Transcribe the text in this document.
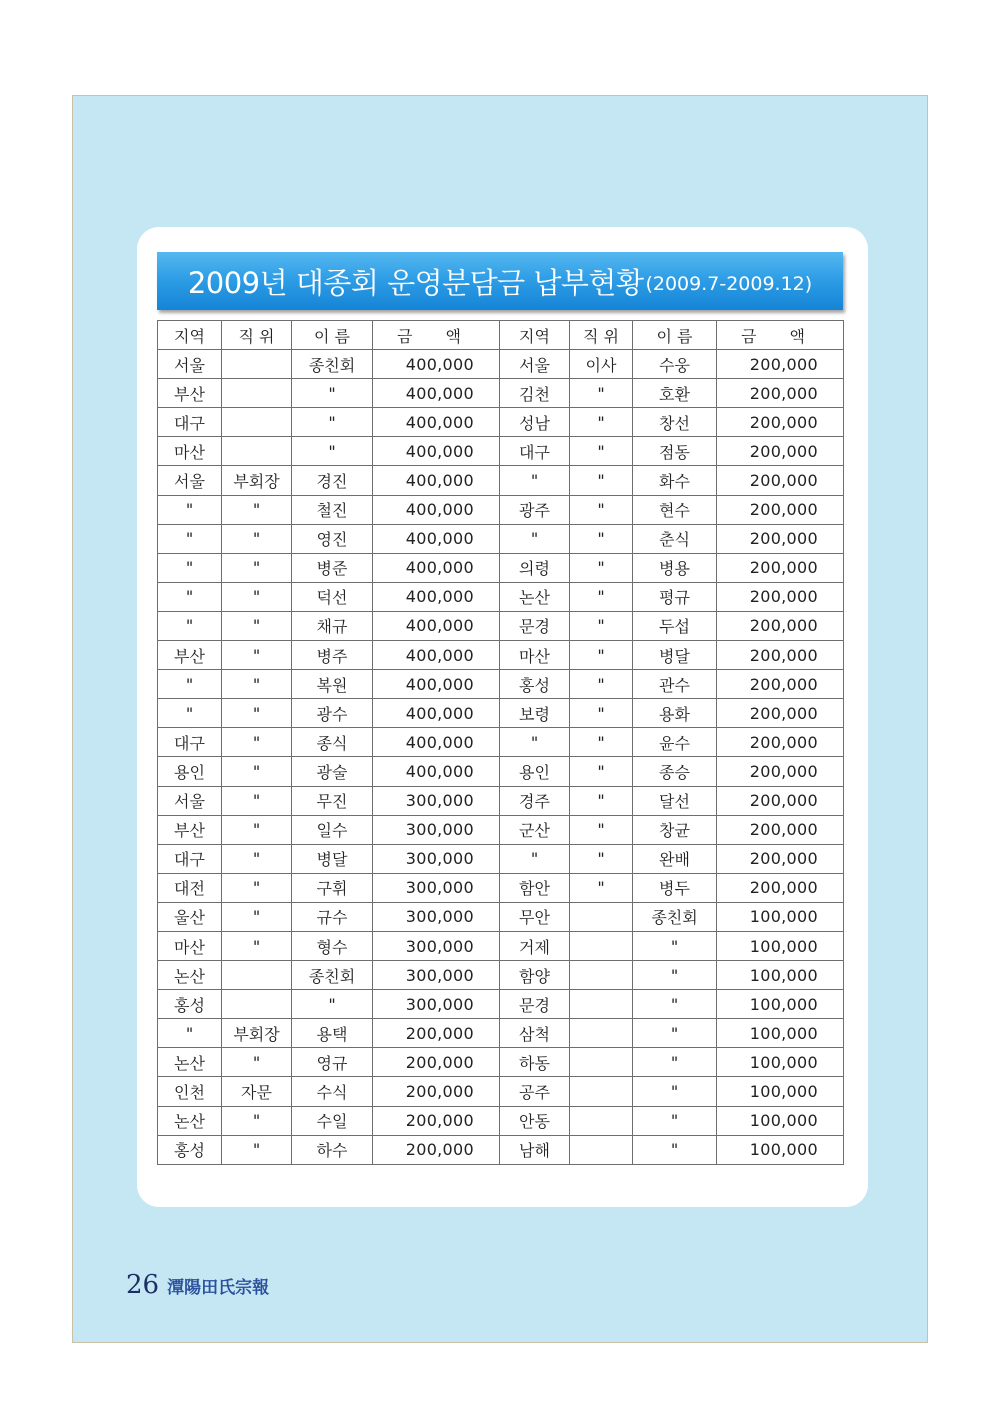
2009년 대종회 운영분담금 납부현황 (2009.7-2009.12)
지역	직 위	이 름	금 액	지역	직 위	이 름	금 액
서울		종친회	400,000	서울	이사	수웅	200,000
부산		"	400,000	김천	"	호환	200,000
대구		"	400,000	성남	"	창선	200,000
마산		"	400,000	대구	"	점동	200,000
서울	부회장	경진	400,000	"	"	화수	200,000
"	"	철진	400,000	광주	"	현수	200,000
"	"	영진	400,000	"	"	춘식	200,000
"	"	병준	400,000	의령	"	병용	200,000
"	"	덕선	400,000	논산	"	평규	200,000
"	"	채규	400,000	문경	"	두섭	200,000
부산	"	병주	400,000	마산	"	병달	200,000
"	"	복원	400,000	홍성	"	관수	200,000
"	"	광수	400,000	보령	"	용화	200,000
대구	"	종식	400,000	"	"	윤수	200,000
용인	"	광술	400,000	용인	"	종승	200,000
서울	"	무진	300,000	경주	"	달선	200,000
부산	"	일수	300,000	군산	"	창균	200,000
대구	"	병달	300,000	"	"	완배	200,000
대전	"	구휘	300,000	함안	"	병두	200,000
울산	"	규수	300,000	무안		종친회	100,000
마산	"	형수	300,000	거제		"	100,000
논산		종친회	300,000	함양		"	100,000
홍성		"	300,000	문경		"	100,000
"	부회장	용택	200,000	삼척		"	100,000
논산	"	영규	200,000	하동		"	100,000
인천	자문	수식	200,000	공주		"	100,000
논산	"	수일	200,000	안동		"	100,000
홍성	"	하수	200,000	남해		"	100,000
26 潭陽田氏宗報
